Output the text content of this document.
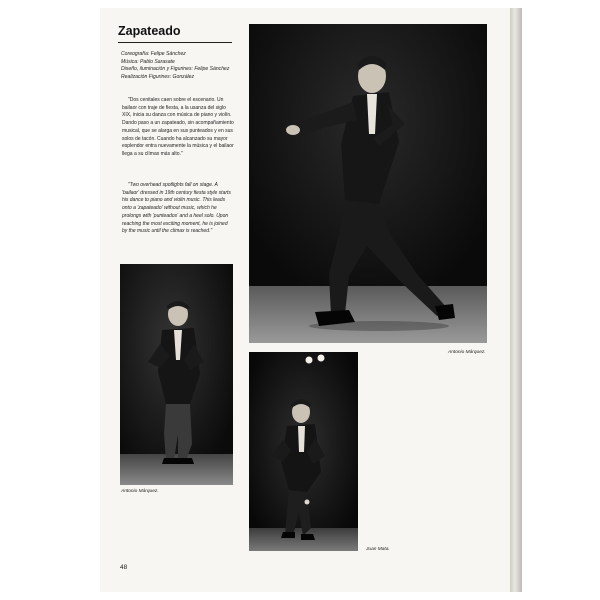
Zapateado
Coreografía: Felipe Sánchez
Música: Pablo Sarasate
Diseño, iluminación y Figurines: Felipe Sánchez
Realización Figurines: González
"Dos cenitales caen sobre el escenario. Un bailaor con traje de fiesta, a la usanza del siglo XIX, inicia su danza con música de piano y violín. Dando paso a un zapateado, sin acompañamiento musical, que se alarga en sus punteados y en sus solos de tacón. Cuando ha alcanzado su mayor esplendor entra nuevamente la música y el bailaor llega a su clímax más alto."
"Two overhead spotlights fall on stage. A 'bailaor' dressed in 19th century fiesta style starts his dance to piano and violin music. This leads onto a 'zapateado' without music, which he prolongs with 'punteados' and a heel solo. Upon reaching the most exciting moment, he is joined by the music until the climax is reached."
Antonio Márquez.
Antonio Márquez.
Juan Mata.
48
